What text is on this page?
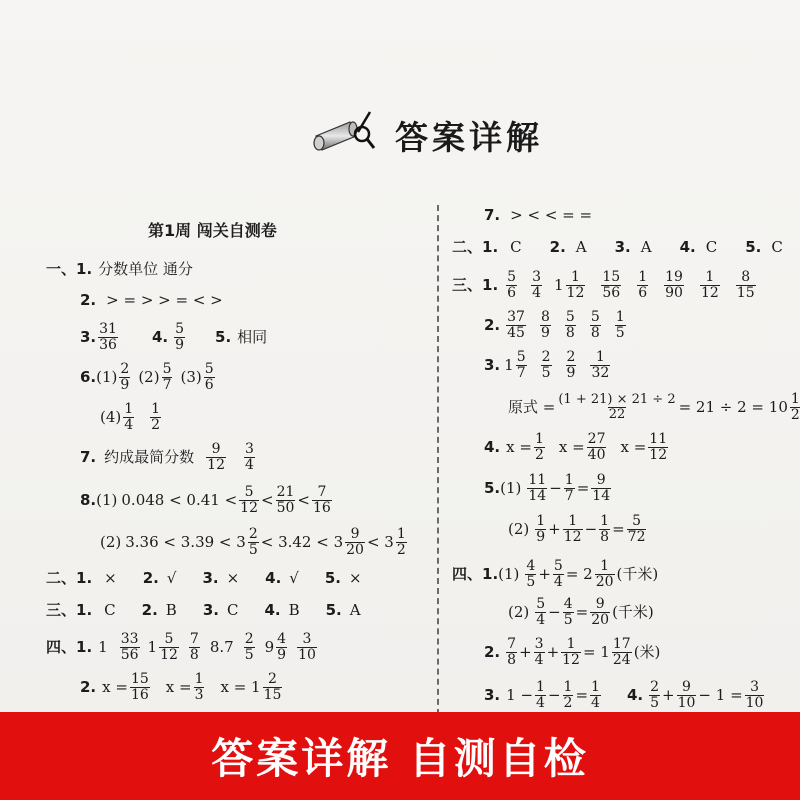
答案详解
第1周 闯关自测卷
一、 1. 分数单位 通分
2. > = > > = < >
3. 31
36 4. 5
9 5. 相同
6. (1) 2
9 (2) 5
7 (3) 5
6
(4) 1
4
1
2
7. 约成最简分数 9
12
3
4
8. (1) 0.048 < 0.41 < 5
12 < 21
50 < 7
16
(2) 3.36 < 3.39 < 3 2
5 < 3.42 < 3 9
20 < 3 1
2
二、 1. × 2. √ 3. × 4. √ 5. ×
三、 1. C 2. B 3. C 4. B 5. A
四、 1. 1 33
56 1 5
12
7
8 8.7 2
5 9 4
9
3
10
2. $x = \frac{15}{16}$ $x = \frac{1}{3}$ x = 1 2
15
7. > < < = =
二、 1. C 2. A 3. A 4. C 5. C
三、 1. 5
6
3
4 1 1
12
15
56
1
6
19
90
1
12
8
15
2. 37
45
8
9
5
8
5
8
1
5
3. 1 5
7
2
5
2
9
1
32
原式 = $\frac{(1 + 21) \times 21 \div 2}{22} = 21 \div 2 = 10$ 1
2
4. $x = \frac{1}{2}$ $x = \frac{27}{40}$ $x = \frac{11}{12}$
5. (1) 11
$14 - \frac{1}{7} = \frac{9}{14}$
(2) 1
$9 + \frac{1}{12} - \frac{1}{8} = \frac{5}{72}$
四、 1. (1) 4
$5 + \frac{5}{4} = 2$ 1
20 (千米)
(2) 5
$4 - \frac{4}{5} = \frac{9}{20}$ (千米)
2. 7
$8 + \frac{3}{4} + \frac{1}{12} = 1$ 17
24 (米)
3. $1 - \frac{1}{4} - \frac{1}{2} = \frac{1}{4} 4$. 2
$5 + \frac{9}{10} - 1 = \frac{3}{10}$
答案详解 自测自检
